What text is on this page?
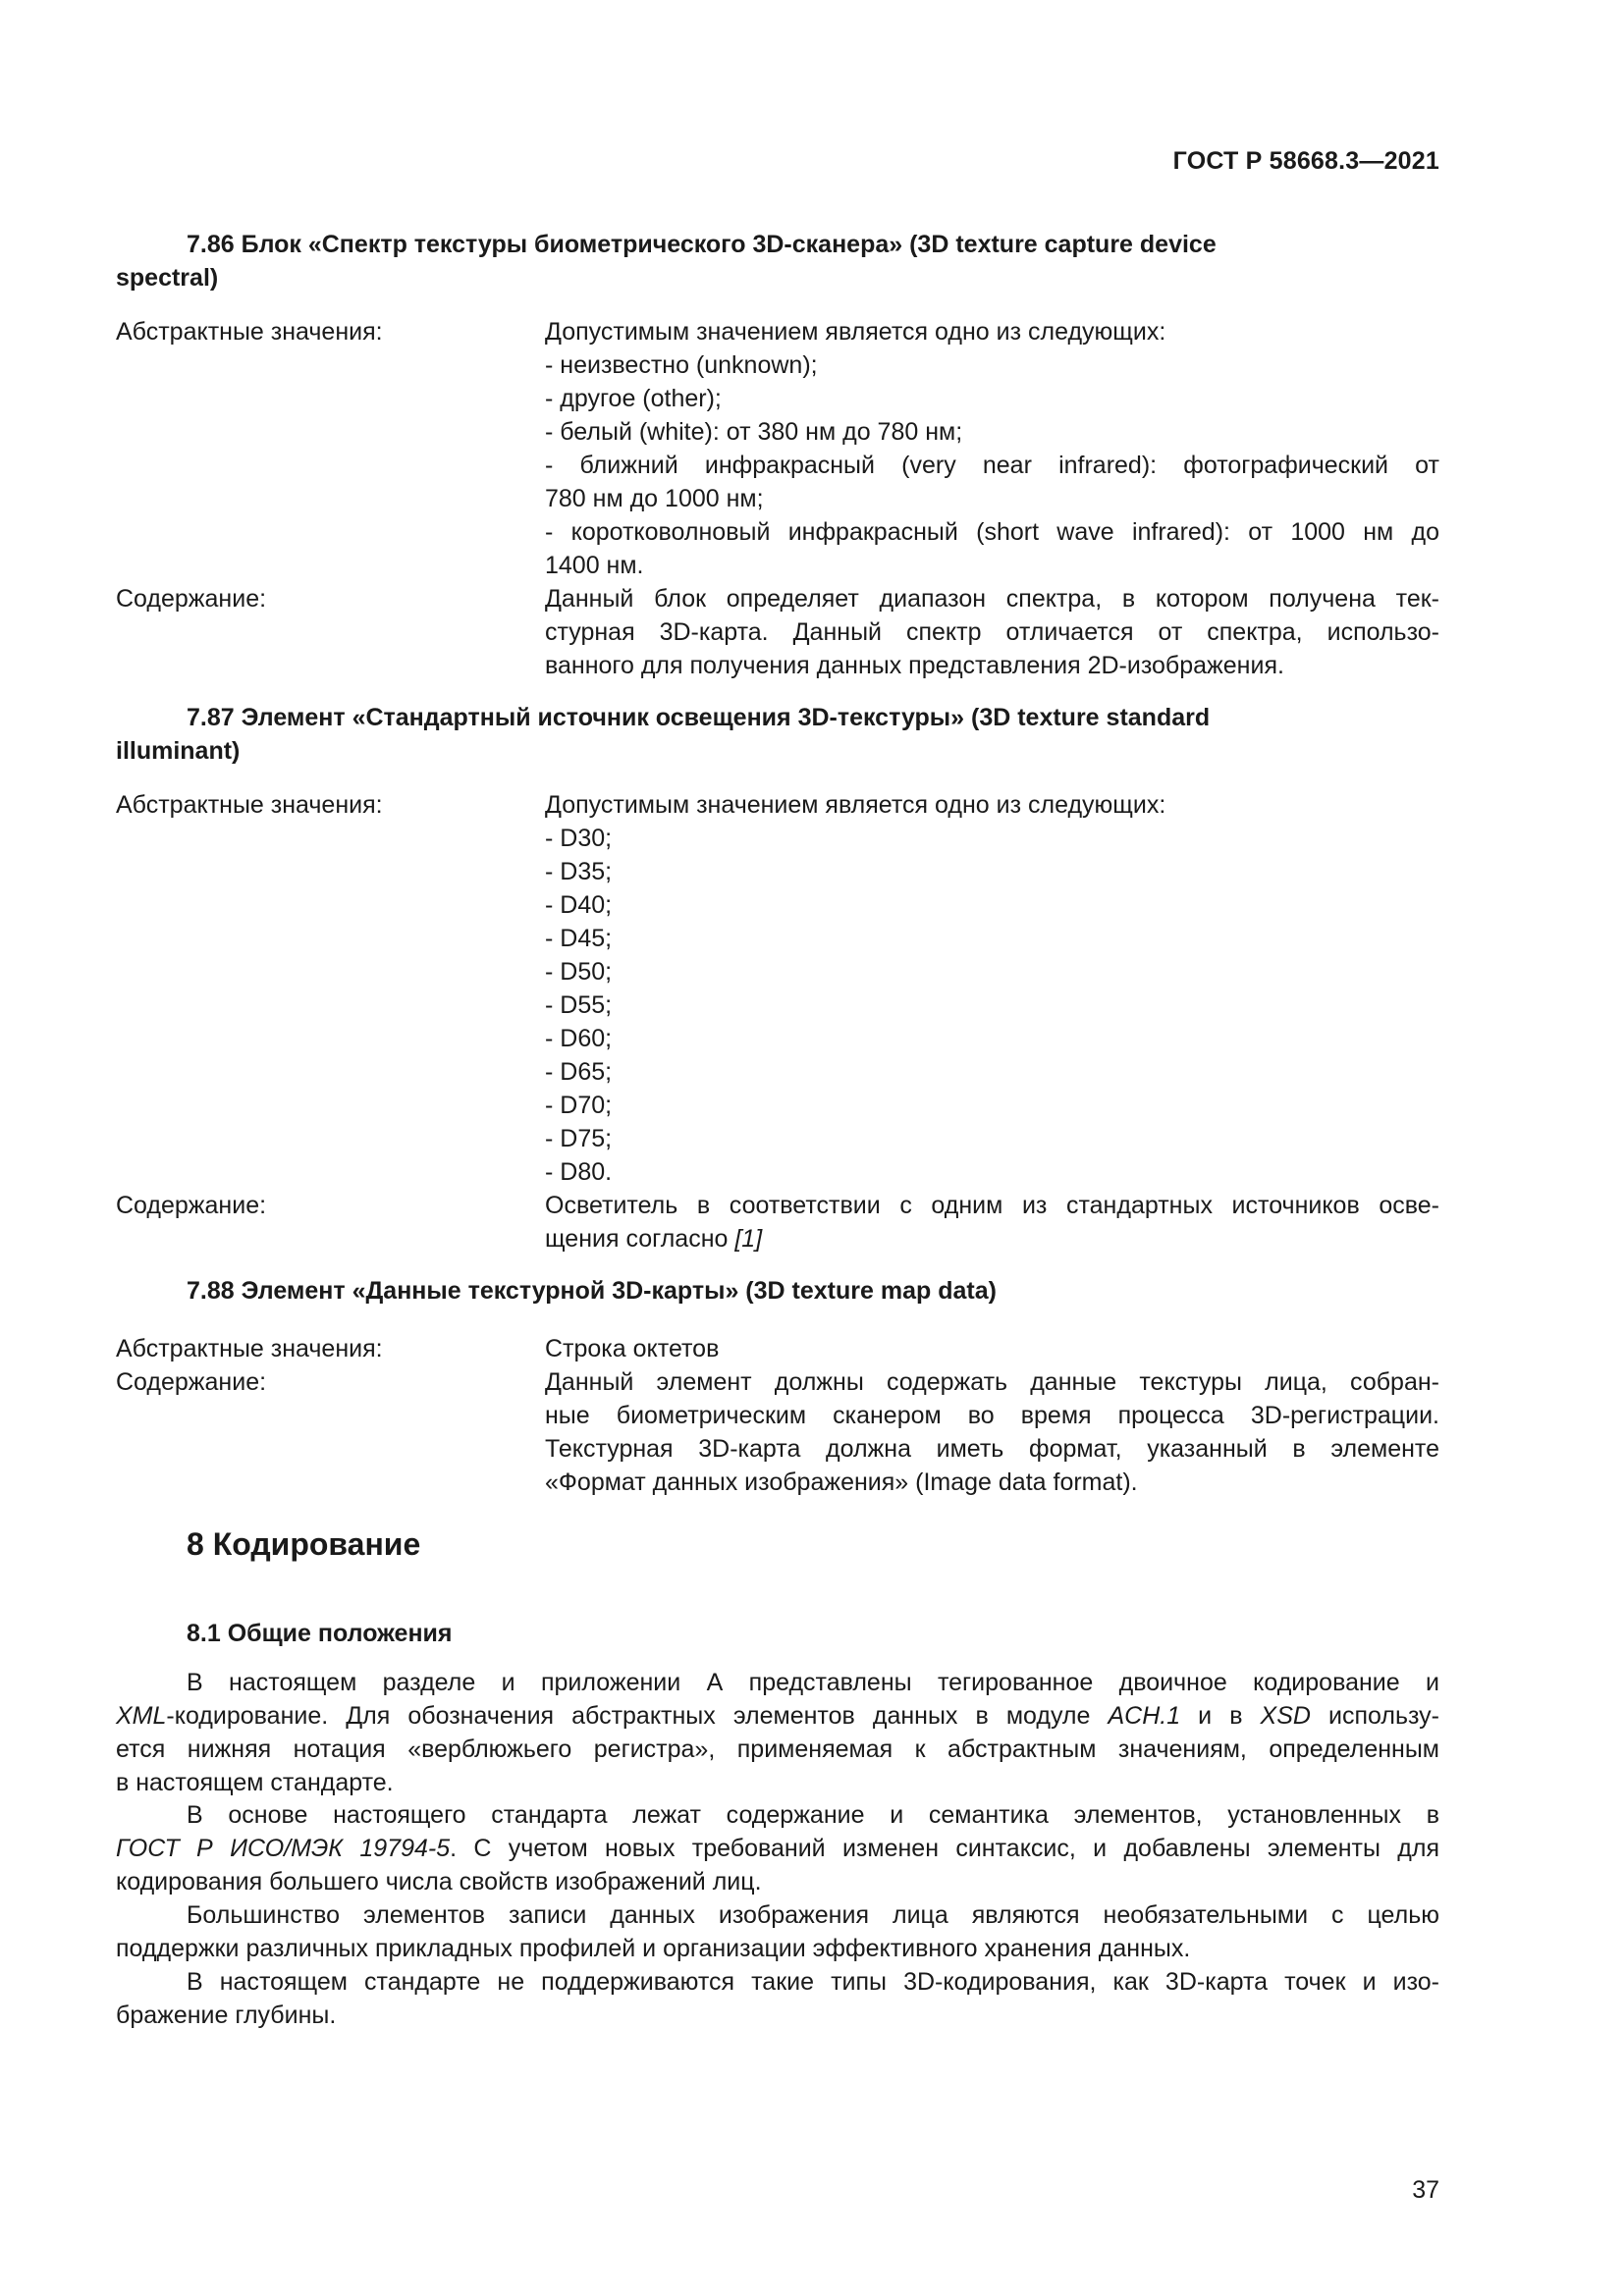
ГОСТ Р 58668.3—2021
7.86 Блок «Спектр текстуры биометрического 3D-сканера» (3D texture capture device
spectral)
Абстрактные значения:	Допустимым значением является одно из следующих:
- неизвестно (unknown);
- другое (other);
- белый (white): от 380 нм до 780 нм;
- ближний инфракрасный (very near infrared): фотографический от
780 нм до 1000 нм;
- коротковолновый инфракрасный (short wave infrared): от 1000 нм до
1400 нм.
Содержание:	Данный блок определяет диапазон спектра, в котором получена тек-
стурная 3D-карта. Данный спектр отличается от спектра, использо-
ванного для получения данных представления 2D-изображения.
7.87 Элемент «Стандартный источник освещения 3D-текстуры» (3D texture standard
illuminant)
Абстрактные значения:	Допустимым значением является одно из следующих:
- D30;
- D35;
- D40;
- D45;
- D50;
- D55;
- D60;
- D65;
- D70;
- D75;
- D80.
Содержание:	Осветитель в соответствии с одним из стандартных источников осве-
щения согласно [1]
7.88 Элемент «Данные текстурной 3D-карты» (3D texture map data)
Абстрактные значения:	Строка октетов
Содержание:	Данный элемент должны содержать данные текстуры лица, собран-
ные биометрическим сканером во время процесса 3D-регистрации.
Текстурная 3D-карта должна иметь формат, указанный в элементе
«Формат данных изображения» (Image data format).
8 Кодирование
8.1 Общие положения
В настоящем разделе и приложении А представлены тегированное двоичное кодирование и
XML-кодирование. Для обозначения абстрактных элементов данных в модуле ACH.1 и в XSD использу-
ется нижняя нотация «верблюжьего регистра», применяемая к абстрактным значениям, определенным
в настоящем стандарте.
В основе настоящего стандарта лежат содержание и семантика элементов, установленных в
ГОСТ Р ИСО/МЭК 19794-5. С учетом новых требований изменен синтаксис, и добавлены элементы для
кодирования большего числа свойств изображений лиц.
Большинство элементов записи данных изображения лица являются необязательными с целью
поддержки различных прикладных профилей и организации эффективного хранения данных.
В настоящем стандарте не поддерживаются такие типы 3D-кодирования, как 3D-карта точек и изо-
бражение глубины.
37
